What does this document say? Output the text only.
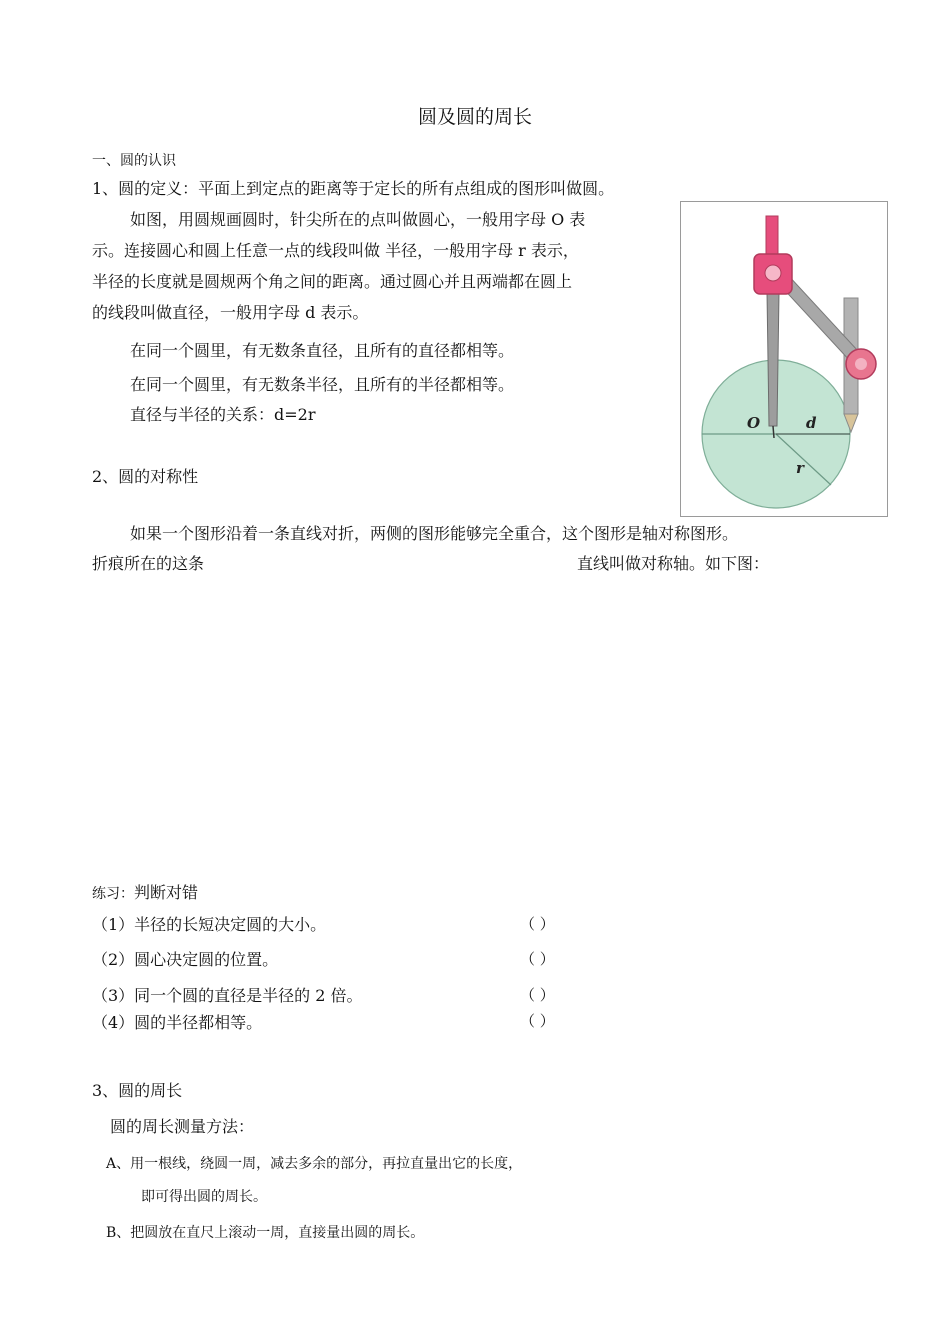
圆及圆的周长
一、圆的认识
1、圆的定义：平面上到定点的距离等于定长的所有点组成的图形叫做圆。
如图，用圆规画圆时，针尖所在的点叫做圆心，一般用字母 O 表
示。连接圆心和圆上任意一点的线段叫做 半径，一般用字母 r 表示，
半径的长度就是圆规两个角之间的距离。通过圆心并且两端都在圆上
的线段叫做直径，一般用字母 d 表示。
在同一个圆里，有无数条直径，且所有的直径都相等。
在同一个圆里，有无数条半径，且所有的半径都相等。
直径与半径的关系：d=2r	O	d
r
2、圆的对称性
如果一个图形沿着一条直线对折，两侧的图形能够完全重合，这个图形是轴对称图形。
折痕所在的这条	直线叫做对称轴。如下图：
练习：判断对错
（1）半径的长短决定圆的大小。	（ ）
（2）圆心决定圆的位置。	（ ）
（3）同一个圆的直径是半径的 2 倍。	（ ）
（4）圆的半径都相等。	（ ）
3、圆的周长
圆的周长测量方法：
A、用一根线，绕圆一周，减去多余的部分，再拉直量出它的长度，
即可得出圆的周长。
B、把圆放在直尺上滚动一周，直接量出圆的周长。
